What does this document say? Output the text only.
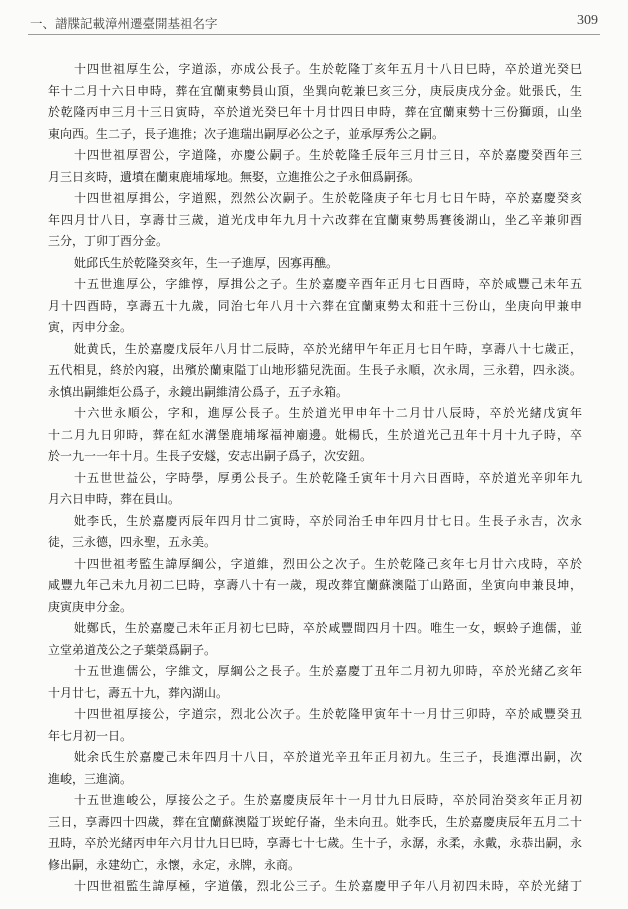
一、譜牒記載漳州遷臺開基祖名字	309
十四世祖厚生公，字道添，亦成公長子。生於乾隆丁亥年五月十八日巳時，卒於道光癸巳
年十二月十六日申時，葬在宜蘭東勢員山頂，坐巽向乾兼巳亥三分，庚辰庚戌分金。妣張氏，生
於乾隆丙申三月十三日寅時，卒於道光癸巳年十月廿四日申時，葬在宜蘭東勢十三份獅頭，山坐
東向西。生二子，長子進推；次子進瑞出嗣厚必公之子，並承厚秀公之嗣。
十四世祖厚習公，字道隆，亦慶公嗣子。生於乾隆壬辰年三月廿三日，卒於嘉慶癸酉年三
月三日亥時，遺墳在蘭東鹿埔塚地。無娶，立進推公之子永佃爲嗣孫。
十四世祖厚揖公，字道熙，烈然公次嗣子。生於乾隆庚子年七月七日午時，卒於嘉慶癸亥
年四月廿八日，享壽廿三歲，道光戊申年九月十六改葬在宜蘭東勢馬賽後湖山，坐乙辛兼卯酉
三分，丁卯丁酉分金。
妣邱氏生於乾隆癸亥年，生一子進厚，因寡再醮。
十五世進厚公，字維惇，厚揖公之子。生於嘉慶辛酉年正月七日酉時，卒於咸豐己未年五
月十四酉時，享壽五十九歲，同治七年八月十六葬在宜蘭東勢太和莊十三份山，坐庚向甲兼申
寅，丙申分金。
妣黄氏，生於嘉慶戊辰年八月廿二辰時，卒於光緒甲午年正月七日午時，享壽八十七歲正，
五代相見，終於內寢，出殯於蘭東隘丁山地形貓兒洗面。生長子永順，次永周，三永碧，四永淡。
永慎出嗣維炬公爲子，永鏡出嗣維清公爲子，五子永箱。
十六世永順公，字和，進厚公長子。生於道光甲申年十二月廿八辰時，卒於光緒戊寅年
十二月九日卯時，葬在紅水溝堡鹿埔塚福神廟邊。妣楊氏，生於道光己丑年十月十九子時，卒
於一九一一年十月。生長子安燧，安志出嗣子爲子，次安鈕。
十五世世益公，字時學，厚勇公長子。生於乾隆壬寅年十月六日酉時，卒於道光辛卯年九
月六日申時，葬在員山。
妣李氏，生於嘉慶丙辰年四月廿二寅時，卒於同治壬申年四月廿七日。生長子永吉，次永
徒，三永德，四永聖，五永美。
十四世祖考監生諱厚綱公，字道維，烈田公之次子。生於乾隆己亥年七月廿六戌時，卒於
咸豐九年己未九月初二巳時，享壽八十有一歲，現改葬宜蘭蘇澳隘丁山路面，坐寅向申兼艮坤，
庚寅庚申分金。
妣鄭氏，生於嘉慶己未年正月初七巳時，卒於咸豐間四月十四。唯生一女，螟蛉子進儒，並
立堂弟道茂公之子葉榮爲嗣子。
十五世進儒公，字維文，厚綱公之長子。生於嘉慶丁丑年二月初九卯時，卒於光緒乙亥年
十月廿七，壽五十九，葬內湖山。
十四世祖厚接公，字道宗，烈北公次子。生於乾隆甲寅年十一月廿三卯時，卒於咸豐癸丑
年七月初一日。
妣余氏生於嘉慶己未年四月十八日，卒於道光辛丑年正月初九。生三子，長進潭出嗣，次
進峻，三進滴。
十五世進峻公，厚接公之子。生於嘉慶庚辰年十一月廿九日辰時，卒於同治癸亥年正月初
三日，享壽四十四歲，葬在宜蘭蘇澳隘丁崁蛇仔崙，坐未向丑。妣李氏，生於嘉慶庚辰年五月二十
丑時，卒於光緒丙申年六月廿九日巳時，享壽七十七歲。生十子，永潺，永柔，永戴，永恭出嗣，永
修出嗣，永建幼亡，永懷，永定，永牌，永商。
十四世祖監生諱厚極，字道儀，烈北公三子。生於嘉慶甲子年八月初四未時，卒於光緒丁
